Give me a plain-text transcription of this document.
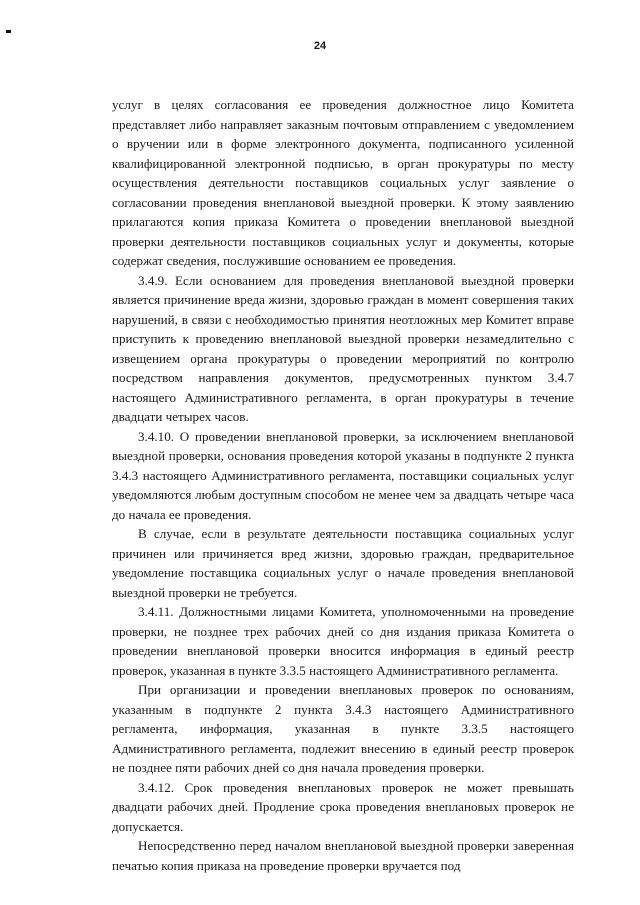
24

услуг в целях согласования ее проведения должностное лицо Комитета представляет либо направляет заказным почтовым отправлением с уведомлением о вручении или в форме электронного документа, подписанного усиленной квалифицированной электронной подписью, в орган прокуратуры по месту осуществления деятельности поставщиков социальных услуг заявление о согласовании проведения внеплановой выездной проверки. К этому заявлению прилагаются копия приказа Комитета о проведении внеплановой выездной проверки деятельности поставщиков социальных услуг и документы, которые содержат сведения, послужившие основанием ее проведения.

3.4.9. Если основанием для проведения внеплановой выездной проверки является причинение вреда жизни, здоровью граждан в момент совершения таких нарушений, в связи с необходимостью принятия неотложных мер Комитет вправе приступить к проведению внеплановой выездной проверки незамедлительно с извещением органа прокуратуры о проведении мероприятий по контролю посредством направления документов, предусмотренных пунктом 3.4.7 настоящего Административного регламента, в орган прокуратуры в течение двадцати четырех часов.

3.4.10. О проведении внеплановой проверки, за исключением внеплановой выездной проверки, основания проведения которой указаны в подпункте 2 пункта 3.4.3 настоящего Административного регламента, поставщики социальных услуг уведомляются любым доступным способом не менее чем за двадцать четыре часа до начала ее проведения.

В случае, если в результате деятельности поставщика социальных услуг причинен или причиняется вред жизни, здоровью граждан, предварительное уведомление поставщика социальных услуг о начале проведения внеплановой выездной проверки не требуется.

3.4.11. Должностными лицами Комитета, уполномоченными на проведение проверки, не позднее трех рабочих дней со дня издания приказа Комитета о проведении внеплановой проверки вносится информация в единый реестр проверок, указанная в пункте 3.3.5 настоящего Административного регламента.

При организации и проведении внеплановых проверок по основаниям, указанным в подпункте 2 пункта 3.4.3 настоящего Административного регламента, информация, указанная в пункте 3.3.5 настоящего Административного регламента, подлежит внесению в единый реестр проверок не позднее пяти рабочих дней со дня начала проведения проверки.

3.4.12. Срок проведения внеплановых проверок не может превышать двадцати рабочих дней. Продление срока проведения внеплановых проверок не допускается.

Непосредственно перед началом внеплановой выездной проверки заверенная печатью копия приказа на проведение проверки вручается под
